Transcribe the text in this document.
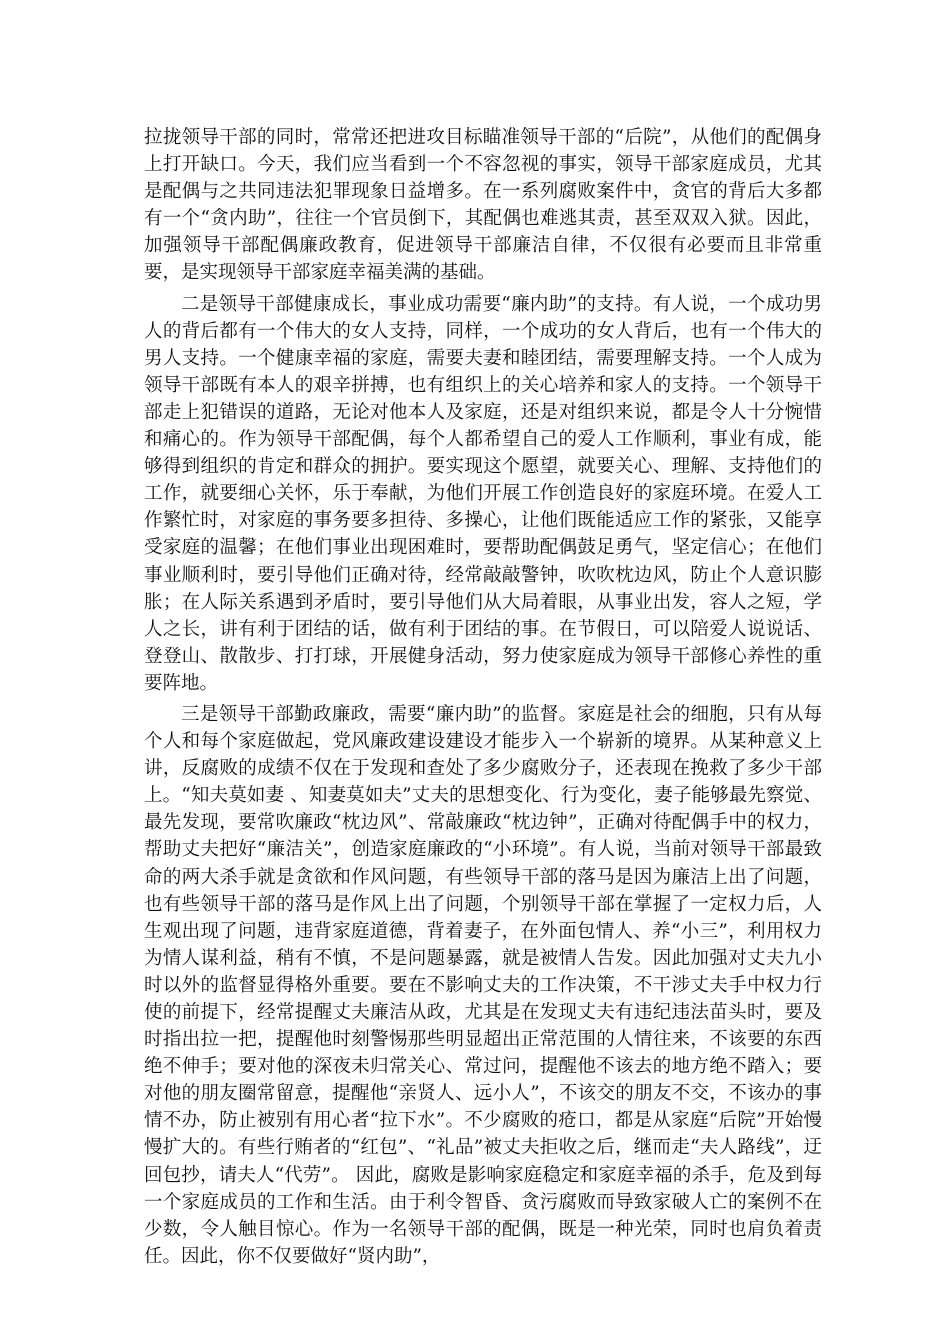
拉拢领导干部的同时，常常还把进攻目标瞄准领导干部的“后院”，从他们的配偶身上打开缺口。今天，我们应当看到一个不容忽视的事实，领导干部家庭成员，尤其是配偶与之共同违法犯罪现象日益增多。在一系列腐败案件中，贪官的背后大多都有一个“贪内助”，往往一个官员倒下，其配偶也难逃其责，甚至双双入狱。因此，加强领导干部配偶廉政教育，促进领导干部廉洁自律，不仅很有必要而且非常重要，是实现领导干部家庭幸福美满的基础。

二是领导干部健康成长，事业成功需要“廉内助”的支持。有人说，一个成功男人的背后都有一个伟大的女人支持，同样，一个成功的女人背后，也有一个伟大的男人支持。一个健康幸福的家庭，需要夫妻和睦团结，需要理解支持。一个人成为领导干部既有本人的艰辛拼搏，也有组织上的关心培养和家人的支持。一个领导干部走上犯错误的道路，无论对他本人及家庭，还是对组织来说，都是令人十分惋惜和痛心的。作为领导干部配偶，每个人都希望自己的爱人工作顺利，事业有成，能够得到组织的肯定和群众的拥护。要实现这个愿望，就要关心、理解、支持他们的工作，就要细心关怀，乐于奉献，为他们开展工作创造良好的家庭环境。在爱人工作繁忙时，对家庭的事务要多担待、多操心，让他们既能适应工作的紧张，又能享受家庭的温馨；在他们事业出现困难时，要帮助配偶鼓足勇气，坚定信心；在他们事业顺利时，要引导他们正确对待，经常敲敲警钟，吹吹枕边风，防止个人意识膨胀；在人际关系遇到矛盾时，要引导他们从大局着眼，从事业出发，容人之短，学人之长，讲有利于团结的话，做有利于团结的事。在节假日，可以陪爱人说说话、登登山、散散步、打打球，开展健身活动，努力使家庭成为领导干部修心养性的重要阵地。

三是领导干部勤政廉政，需要“廉内助”的监督。家庭是社会的细胞，只有从每个人和每个家庭做起，党风廉政建设建设才能步入一个崭新的境界。从某种意义上讲，反腐败的成绩不仅在于发现和查处了多少腐败分子，还表现在挽救了多少干部上。“知夫莫如妻 、知妻莫如夫”丈夫的思想变化、行为变化，妻子能够最先察觉、最先发现，要常吹廉政“枕边风”、常敲廉政“枕边钟”，正确对待配偶手中的权力，帮助丈夫把好“廉洁关”，创造家庭廉政的“小环境”。有人说，当前对领导干部最致命的两大杀手就是贪欲和作风问题，有些领导干部的落马是因为廉洁上出了问题，也有些领导干部的落马是作风上出了问题，个别领导干部在掌握了一定权力后，人生观出现了问题，违背家庭道德，背着妻子，在外面包情人、养“小三”，利用权力为情人谋利益，稍有不慎，不是问题暴露，就是被情人告发。因此加强对丈夫九小时以外的监督显得格外重要。要在不影响丈夫的工作决策，不干涉丈夫手中权力行使的前提下，经常提醒丈夫廉洁从政，尤其是在发现丈夫有违纪违法苗头时，要及时指出拉一把，提醒他时刻警惕那些明显超出正常范围的人情往来，不该要的东西绝不伸手；要对他的深夜未归常关心、常过问，提醒他不该去的地方绝不踏入；要对他的朋友圈常留意，提醒他“亲贤人、远小人”，不该交的朋友不交，不该办的事情不办，防止被别有用心者“拉下水”。不少腐败的疮口，都是从家庭“后院”开始慢慢扩大的。有些行贿者的“红包”、“礼品”被丈夫拒收之后，继而走“夫人路线”，迂回包抄，请夫人“代劳”。 因此，腐败是影响家庭稳定和家庭幸福的杀手，危及到每一个家庭成员的工作和生活。由于利令智昏、贪污腐败而导致家破人亡的案例不在少数，令人触目惊心。作为一名领导干部的配偶，既是一种光荣，同时也肩负着责任。因此，你不仅要做好“贤内助”，
